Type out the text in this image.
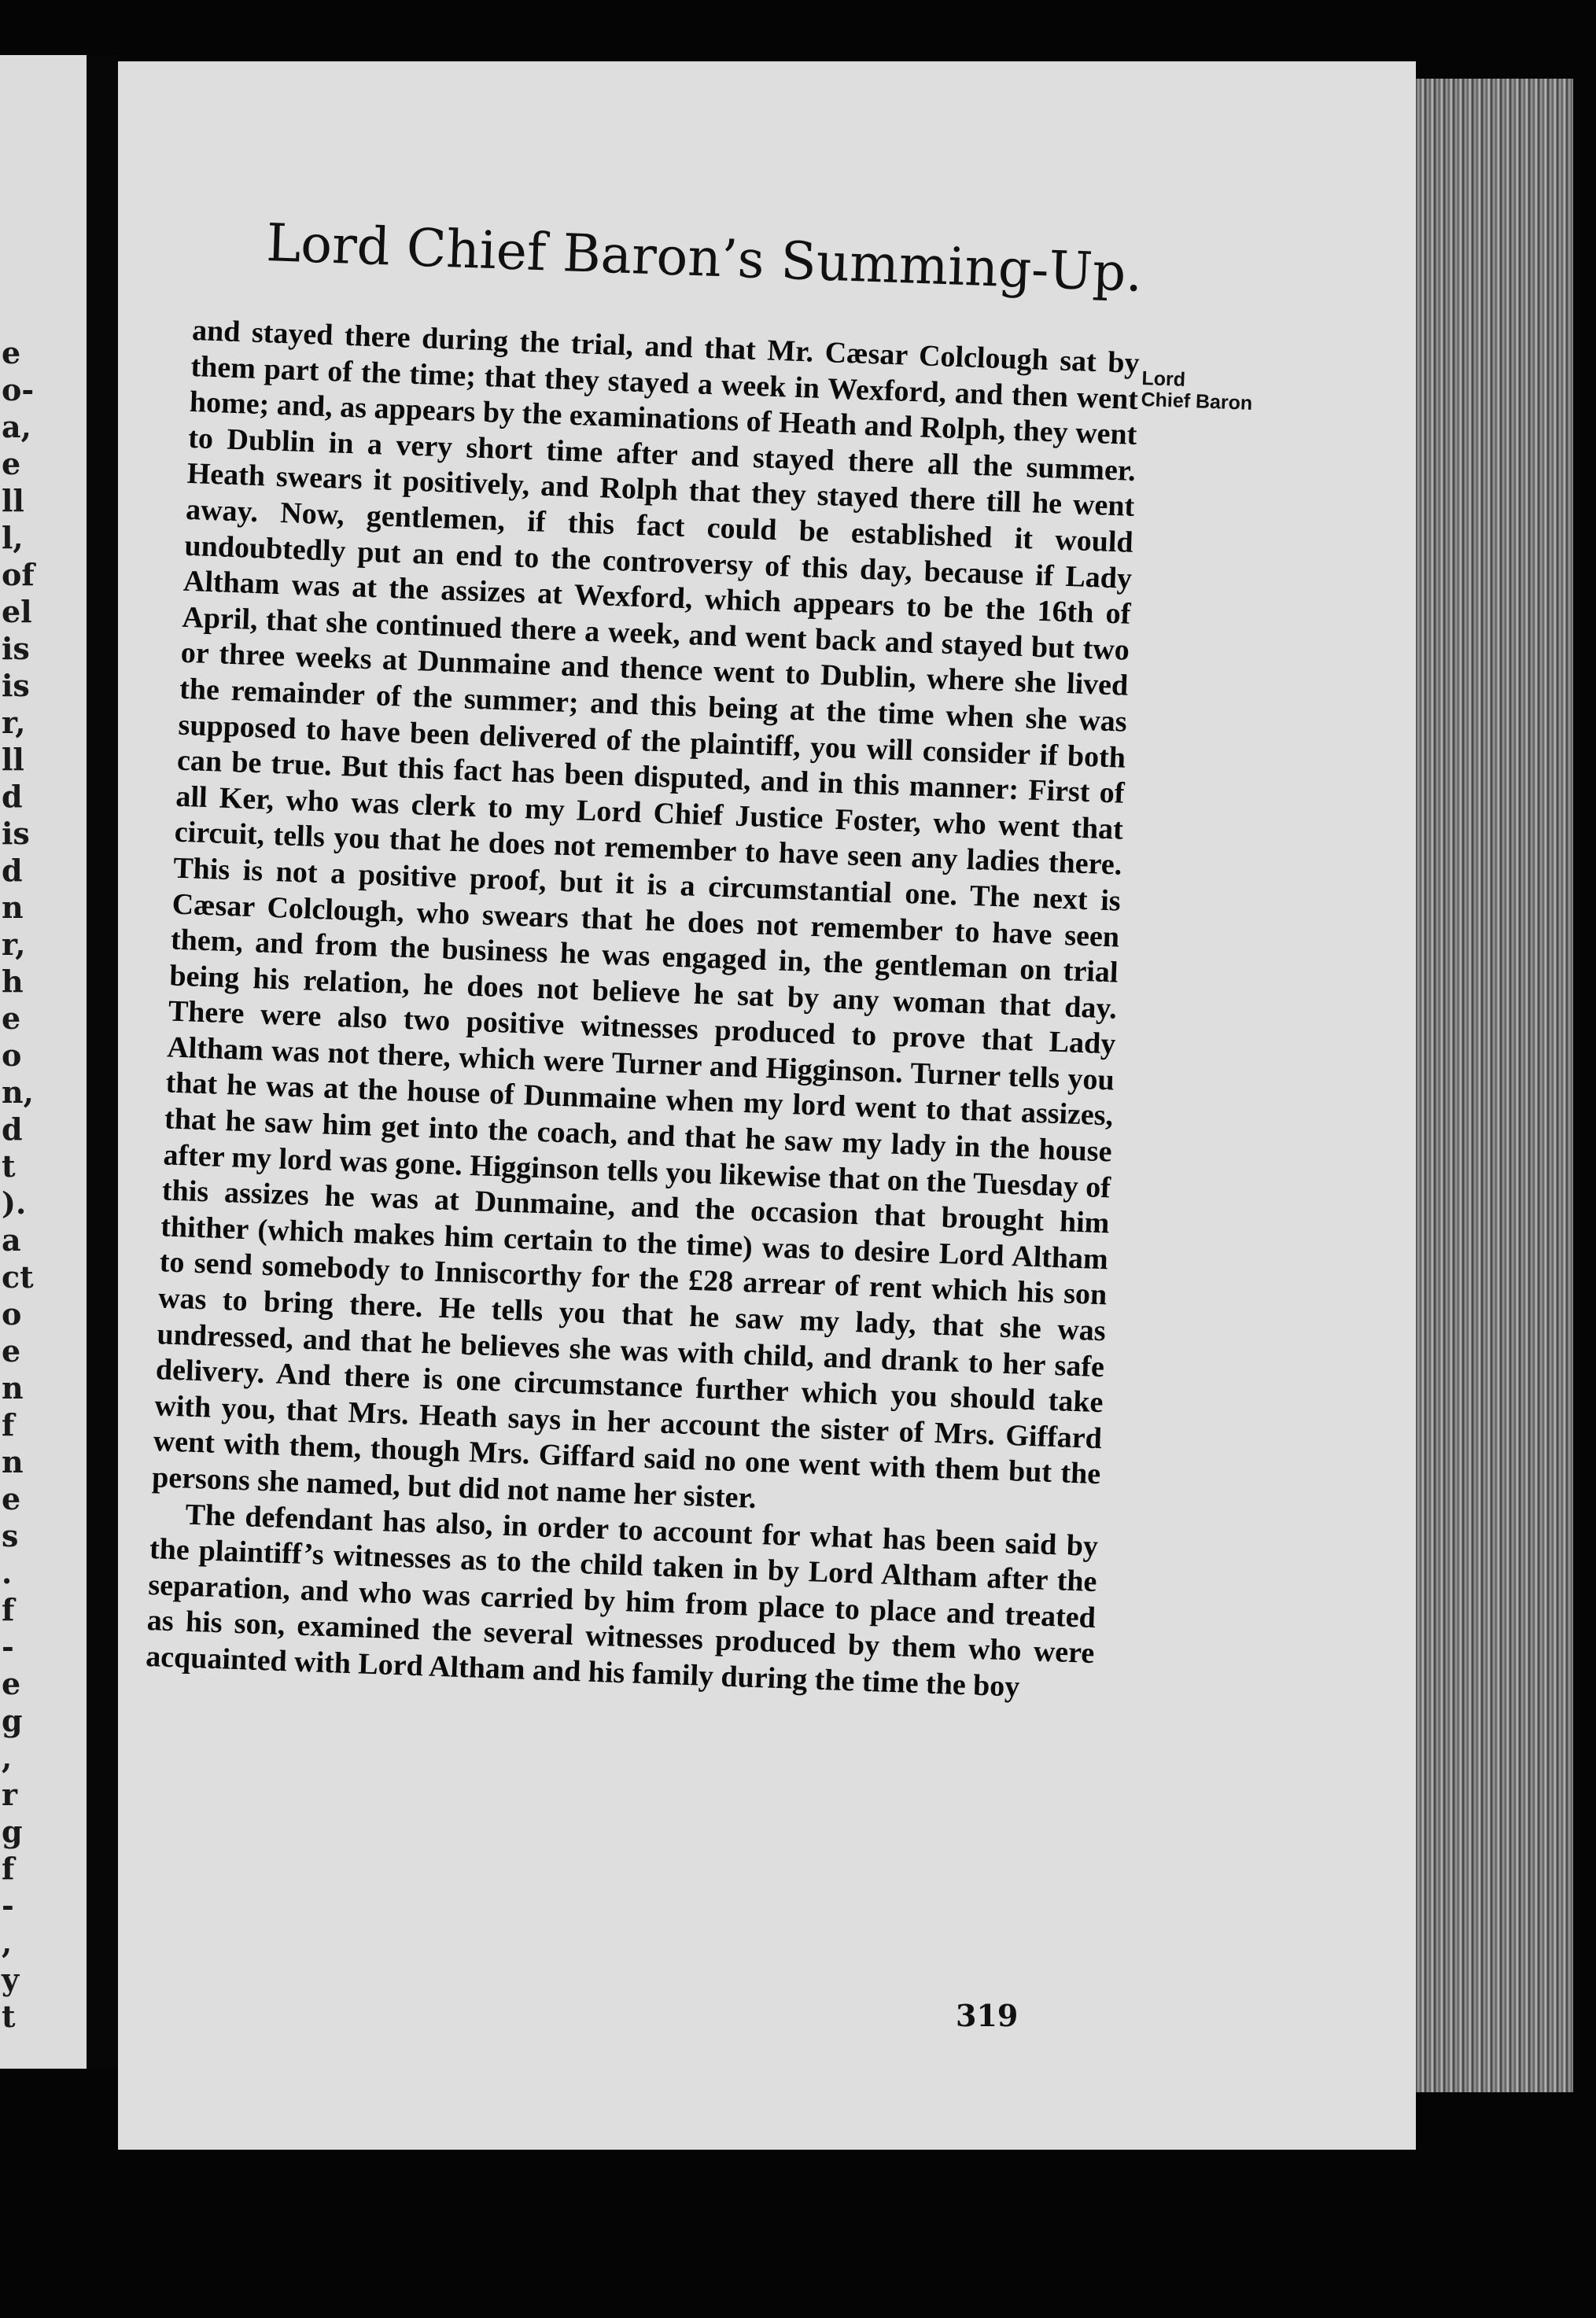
e
o-
a,
e
ll
l,
of
el
is
is
r,
ll
d
is
d
n
r,
h
e
o
n,
d
t
).
a
ct
o
e
n
f
n
e
s
.
f
-
e
g
,
r
g
f
-
,
y
t
Lord Chief Baron’s Summing-Up.

and stayed there during the trial, and that Mr. Cæsar Colclough sat by them part of the time; that they stayed a week in Wexford, and then went home; and, as appears by the examinations of Heath and Rolph, they went to Dublin in a very short time after and stayed there all the summer. Heath swears it positively, and Rolph that they stayed there till he went away. Now, gentlemen, if this fact could be established it would undoubtedly put an end to the controversy of this day, because if Lady Altham was at the assizes at Wexford, which appears to be the 16th of April, that she continued there a week, and went back and stayed but two or three weeks at Dunmaine and thence went to Dublin, where she lived the remainder of the summer; and this being at the time when she was supposed to have been delivered of the plaintiff, you will consider if both can be true. But this fact has been disputed, and in this manner: First of all Ker, who was clerk to my Lord Chief Justice Foster, who went that circuit, tells you that he does not remember to have seen any ladies there. This is not a positive proof, but it is a circumstantial one. The next is Cæsar Colclough, who swears that he does not remember to have seen them, and from the business he was engaged in, the gentleman on trial being his relation, he does not believe he sat by any woman that day. There were also two positive witnesses produced to prove that Lady Altham was not there, which were Turner and Higginson. Turner tells you that he was at the house of Dunmaine when my lord went to that assizes, that he saw him get into the coach, and that he saw my lady in the house after my lord was gone. Higginson tells you likewise that on the Tuesday of this assizes he was at Dunmaine, and the occasion that brought him thither (which makes him certain to the time) was to desire Lord Altham to send somebody to Inniscorthy for the £28 arrear of rent which his son was to bring there. He tells you that he saw my lady, that she was undressed, and that he believes she was with child, and drank to her safe delivery. And there is one circumstance further which you should take with you, that Mrs. Heath says in her account the sister of Mrs. Giffard went with them, though Mrs. Giffard said no one went with them but the persons she named, but did not name her sister.

The defendant has also, in order to account for what has been said by the plaintiff’s witnesses as to the child taken in by Lord Altham after the separation, and who was carried by him from place to place and treated as his son, examined the several witnesses produced by them who were acquainted with Lord Altham and his family during the time the boy

Lord
Chief Baron
319
